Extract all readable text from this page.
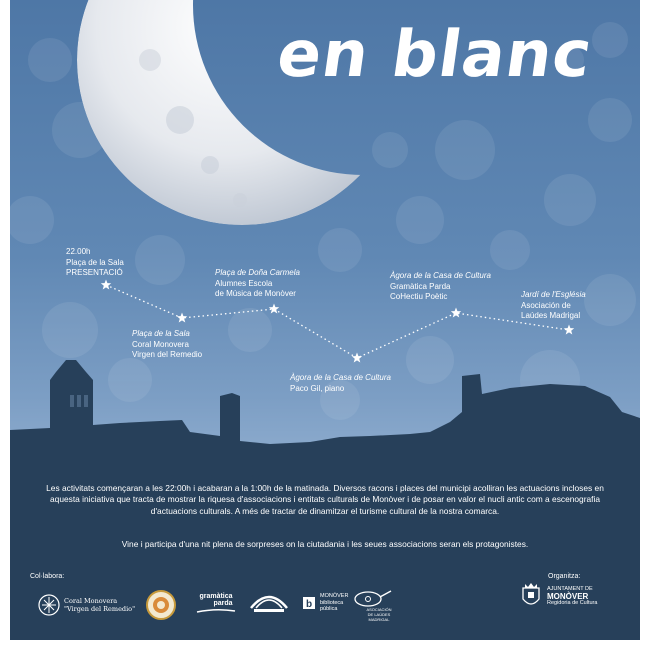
en blanc
22.00h
Plaça de la Sala
PRESENTACIÓ
Plaça de la Sala
Coral Monovera
Virgen del Remedio
Plaça de Doña Carmela
Alumnes Escola
de Música de Monòver
Àgora de la Casa de Cultura
Paco Gil, piano
Àgora de la Casa de Cultura
Gramàtica Parda
CoHectiu Poètic	Jardí de l'Església
Asociación de
Laúdes Madrigal

Les activitats començaran a les 22:00h i acabaran a la 1:00h de la matinada. Diversos racons i places del municipi acolliran les actuacions incloses en aquesta iniciativa que tracta de mostrar la riquesa d'associacions i entitats culturals de Monòver i de posar en valor el nucli antic com a escenografia d'actuacions culturals. A més de tractar de dinamitzar el turisme cultural de la nostra comarca.

Vine i participa d'una nit plena de sorpreses on la ciutadania i les seues associacions seran els protagonistes.

Col·labora:	Organitza:
Coral Monovera
"Virgen del Remedio"
gramàtica
parda	b
MONÒVER
biblioteca
pública	ASOCIACIÓN
DE LAÚDES
MADRIGAL
AJUNTAMENT DE
MONÒVER
Regidoria de Cultura
